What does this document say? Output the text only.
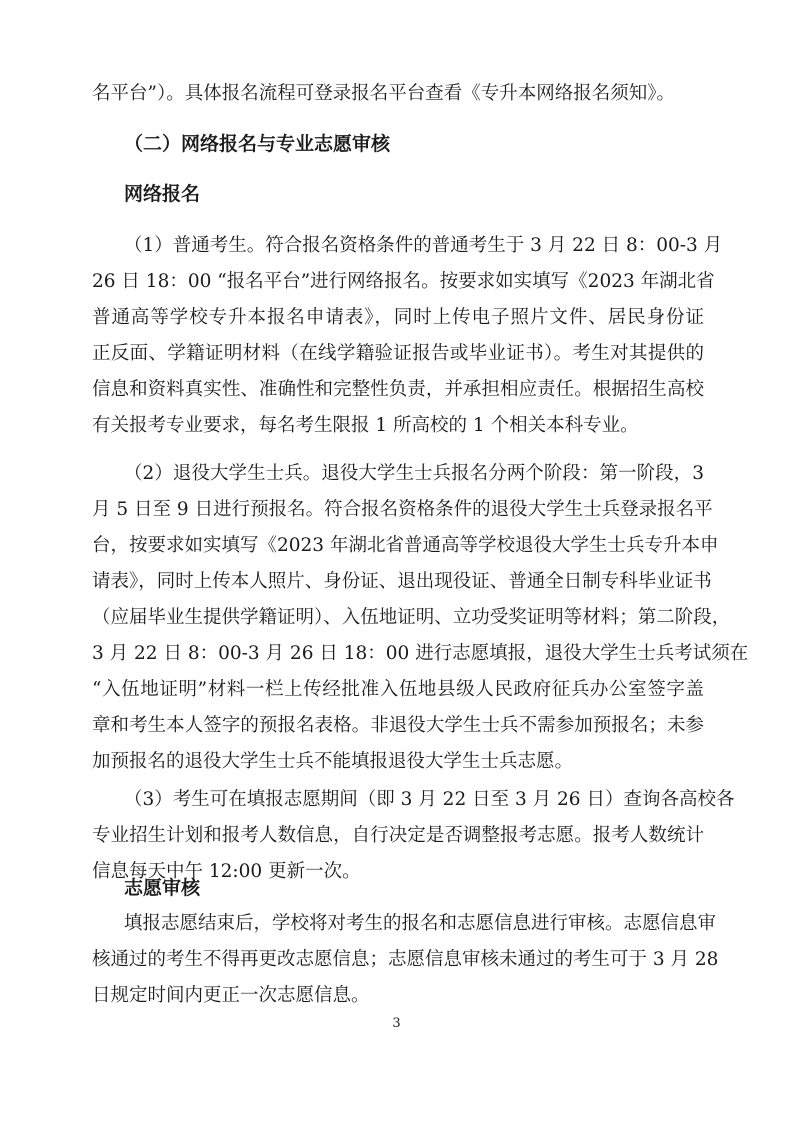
名平台”）。具体报名流程可登录报名平台查看《专升本网络报名须知》。
（二）网络报名与专业志愿审核
网络报名
（1）普通考生。符合报名资格条件的普通考生于 3 月 22 日 8：00-3 月
26 日 18：00 “报名平台”进行网络报名。按要求如实填写《2023 年湖北省
普通高等学校专升本报名申请表》，同时上传电子照片文件、居民身份证
正反面、学籍证明材料（在线学籍验证报告或毕业证书）。考生对其提供的
信息和资料真实性、准确性和完整性负责，并承担相应责任。根据招生高校
有关报考专业要求，每名考生限报 1 所高校的 1 个相关本科专业。
（2）退役大学生士兵。退役大学生士兵报名分两个阶段：第一阶段，3
月 5 日至 9 日进行预报名。符合报名资格条件的退役大学生士兵登录报名平
台，按要求如实填写《2023 年湖北省普通高等学校退役大学生士兵专升本申
请表》，同时上传本人照片、身份证、退出现役证、普通全日制专科毕业证书
（应届毕业生提供学籍证明）、入伍地证明、立功受奖证明等材料；第二阶段，
3 月 22 日 8：00-3 月 26 日 18：00 进行志愿填报，退役大学生士兵考试须在
“入伍地证明”材料一栏上传经批准入伍地县级人民政府征兵办公室签字盖
章和考生本人签字的预报名表格。非退役大学生士兵不需参加预报名；未参
加预报名的退役大学生士兵不能填报退役大学生士兵志愿。
（3）考生可在填报志愿期间（即 3 月 22 日至 3 月 26 日）查询各高校各
专业招生计划和报考人数信息，自行决定是否调整报考志愿。报考人数统计
信息每天中午 12:00 更新一次。
志愿审核
填报志愿结束后，学校将对考生的报名和志愿信息进行审核。志愿信息审
核通过的考生不得再更改志愿信息；志愿信息审核未通过的考生可于 3 月 28
日规定时间内更正一次志愿信息。
3
